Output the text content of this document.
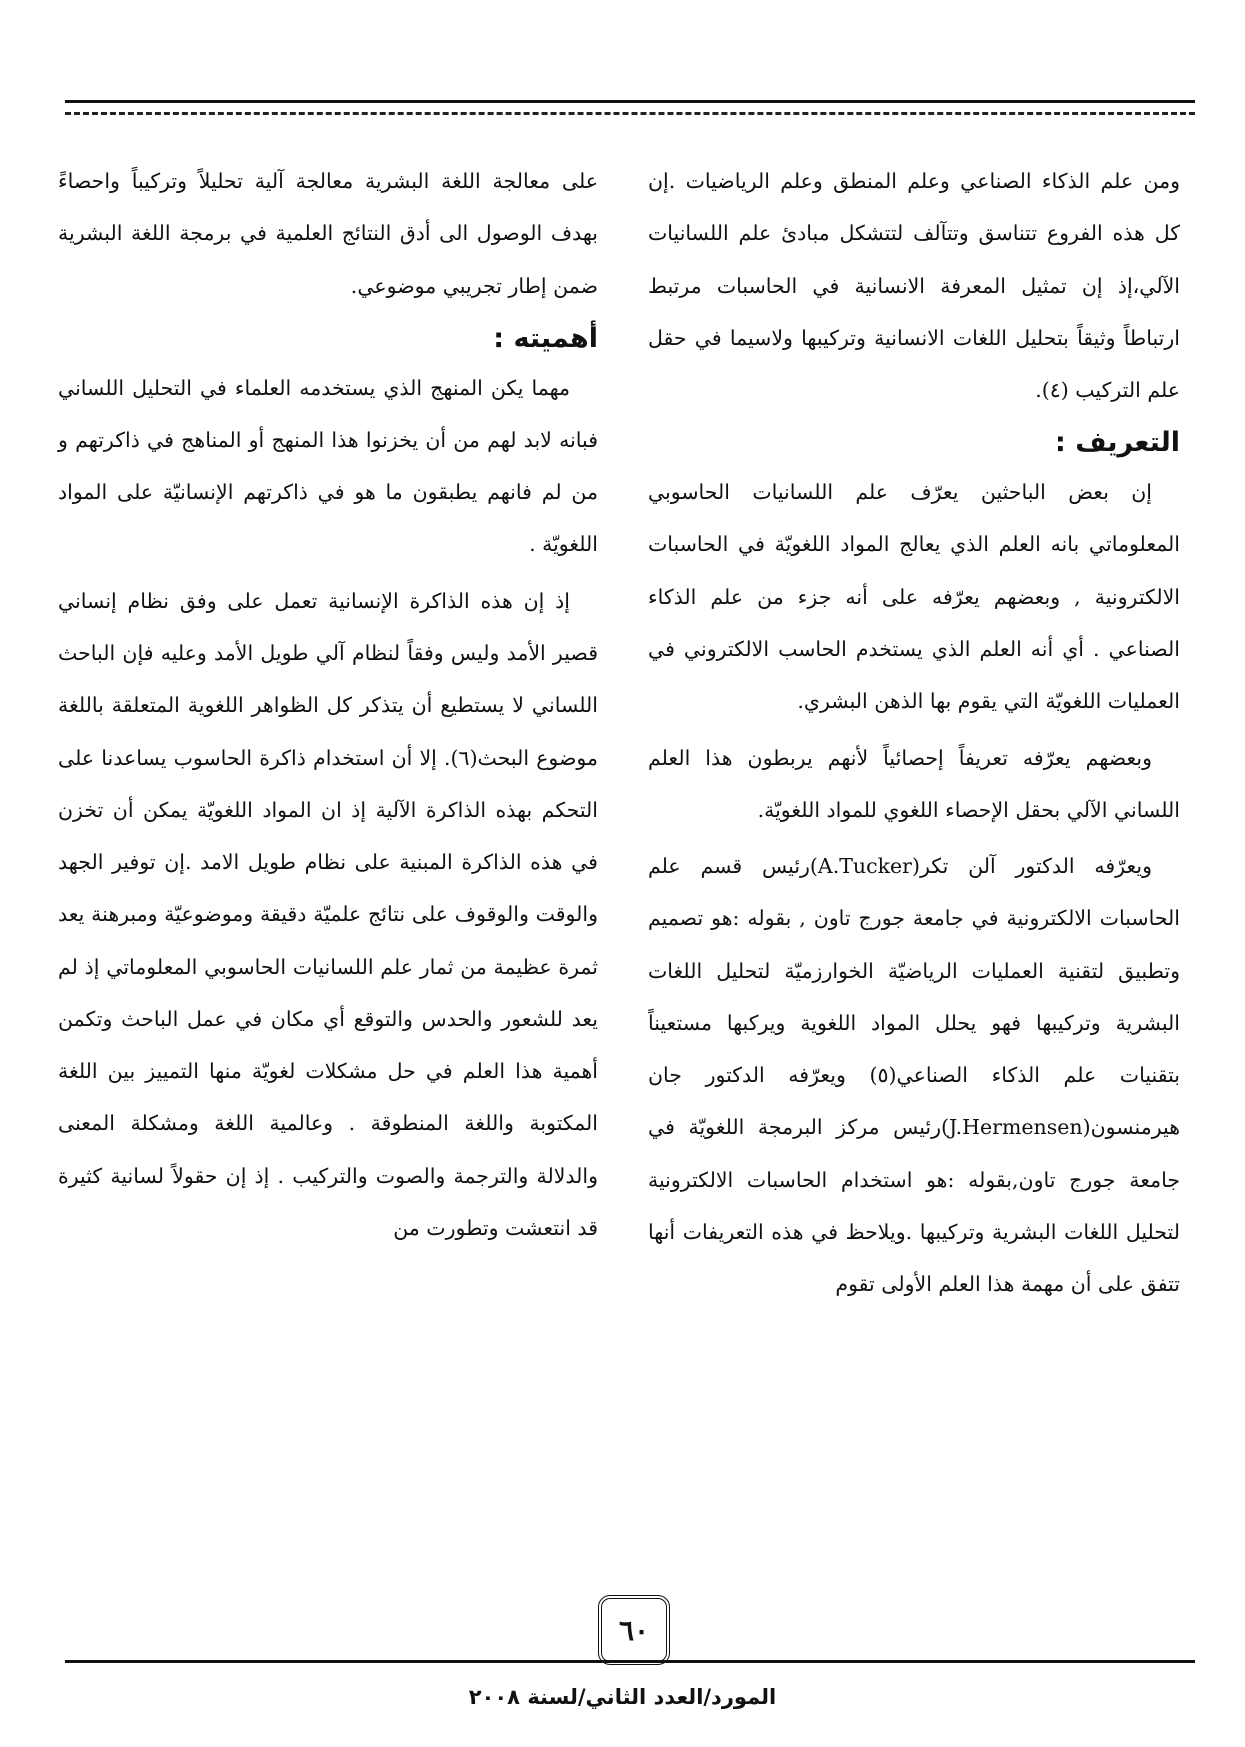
ومن علم الذكاء الصناعي وعلم المنطق وعلم الرياضيات .إن كل هذه الفروع تتناسق وتتآلف لتتشكل مبادئ علم اللسانيات الآلي،إذ إن تمثيل المعرفة الانسانية في الحاسبات مرتبط ارتباطاً وثيقاً بتحليل اللغات الانسانية وتركيبها ولاسيما في حقل علم التركيب (٤).

التعريف :

إن بعض الباحثين يعرّف علم اللسانيات الحاسوبي المعلوماتي بانه العلم الذي يعالج المواد اللغويّة في الحاسبات الالكترونية , وبعضهم يعرّفه على أنه جزء من علم الذكاء الصناعي . أي أنه العلم الذي يستخدم الحاسب الالكتروني في العمليات اللغويّة التي يقوم بها الذهن البشري.

وبعضهم يعرّفه تعريفاً إحصائياً لأنهم يربطون هذا العلم اللساني الآلي بحقل الإحصاء اللغوي للمواد اللغويّة.

ويعرّفه الدكتور آلن تكر(A.Tucker)رئيس قسم علم الحاسبات الالكترونية في جامعة جورج تاون , بقوله :هو تصميم وتطبيق لتقنية العمليات الرياضيّة الخوارزميّة لتحليل اللغات البشرية وتركيبها فهو يحلل المواد اللغوية ويركبها مستعيناً بتقنيات علم الذكاء الصناعي(٥) ويعرّفه الدكتور جان هيرمنسون(J.Hermensen)رئيس مركز البرمجة اللغويّة في جامعة جورج تاون,بقوله :هو استخدام الحاسبات الالكترونية لتحليل اللغات البشرية وتركيبها .ويلاحظ في هذه التعريفات أنها تتفق على أن مهمة هذا العلم الأولى تقوم

على معالجة اللغة البشرية معالجة آلية تحليلاً وتركيباً واحصاءً بهدف الوصول الى أدق النتائج العلمية في برمجة اللغة البشرية ضمن إطار تجريبي موضوعي.

أهميته :

مهما يكن المنهج الذي يستخدمه العلماء في التحليل اللساني فبانه لابد لهم من أن يخزنوا هذا المنهج أو المناهج في ذاكرتهم و من لم فانهم يطبقون ما هو في ذاكرتهم الإنسانيّة على المواد اللغويّة .

إذ إن هذه الذاكرة الإنسانية تعمل على وفق نظام إنساني قصير الأمد وليس وفقاً لنظام آلي طويل الأمد وعليه فإن الباحث اللساني لا يستطيع أن يتذكر كل الظواهر اللغوية المتعلقة باللغة موضوع البحث(٦). إلا أن استخدام ذاكرة الحاسوب يساعدنا على التحكم بهذه الذاكرة الآلية إذ ان المواد اللغويّة يمكن أن تخزن في هذه الذاكرة المبنية على نظام طويل الامد .إن توفير الجهد والوقت والوقوف على نتائج علميّة دقيقة وموضوعيّة ومبرهنة يعد ثمرة عظيمة من ثمار علم اللسانيات الحاسوبي المعلوماتي إذ لم يعد للشعور والحدس والتوقع أي مكان في عمل الباحث وتكمن أهمية هذا العلم في حل مشكلات لغويّة منها التمييز بين اللغة المكتوبة واللغة المنطوقة . وعالمية اللغة ومشكلة المعنى والدلالة والترجمة والصوت والتركيب . إذ إن حقولاً لسانية كثيرة قد انتعشت وتطورت من

٦٠
المورد/العدد الثاني/لسنة ٢٠٠٨
